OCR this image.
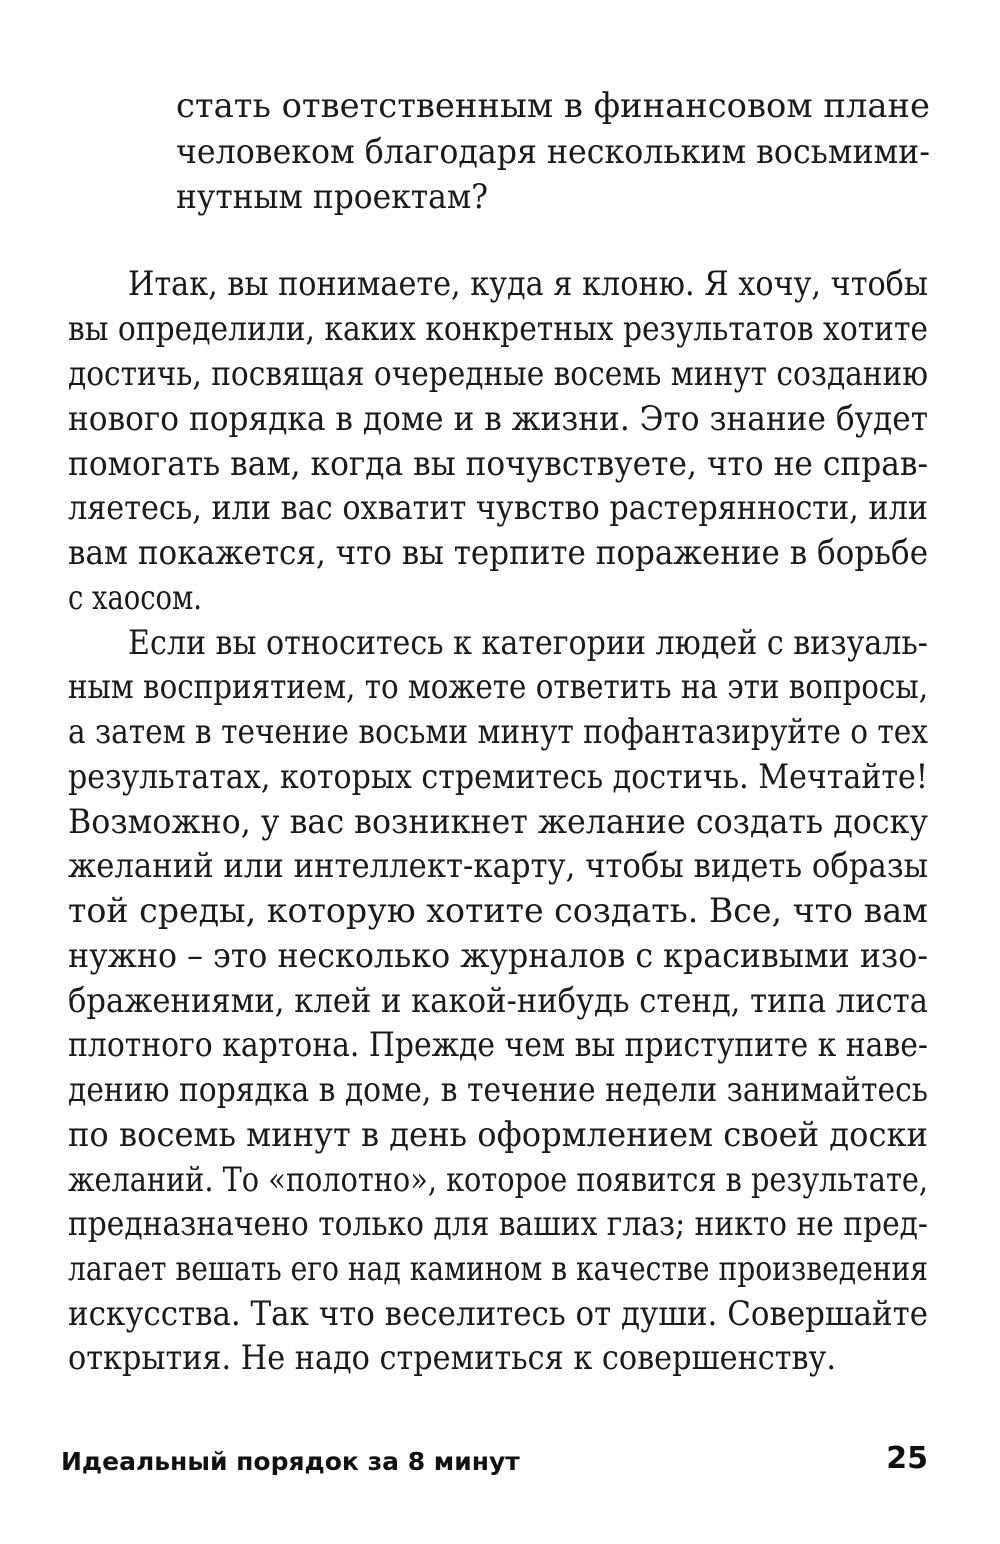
стать ответственным в финансовом плане
человеком благодаря нескольким восьмими-
нутным проектам?
Итак, вы понимаете, куда я клоню. Я хочу, чтобы
вы определили, каких конкретных результатов хотите
достичь, посвящая очередные восемь минут созданию
нового порядка в доме и в жизни. Это знание будет
помогать вам, когда вы почувствуете, что не справ-
ляетесь, или вас охватит чувство растерянности, или
вам покажется, что вы терпите поражение в борьбе
с хаосом.
Если вы относитесь к категории людей с визуаль-
ным восприятием, то можете ответить на эти вопросы,
а затем в течение восьми минут пофантазируйте о тех
результатах, которых стремитесь достичь. Мечтайте!
Возможно, у вас возникнет желание создать доску
желаний или интеллект-карту, чтобы видеть образы
той среды, которую хотите создать. Все, что вам
нужно – это несколько журналов с красивыми изо-
бражениями, клей и какой-нибудь стенд, типа листа
плотного картона. Прежде чем вы приступите к наве-
дению порядка в доме, в течение недели занимайтесь
по восемь минут в день оформлением своей доски
желаний. То «полотно», которое появится в результате,
предназначено только для ваших глаз; никто не пред-
лагает вешать его над камином в качестве произведения
искусства. Так что веселитесь от души. Совершайте
открытия. Не надо стремиться к совершенству.
Идеальный порядок за 8 минут	25
